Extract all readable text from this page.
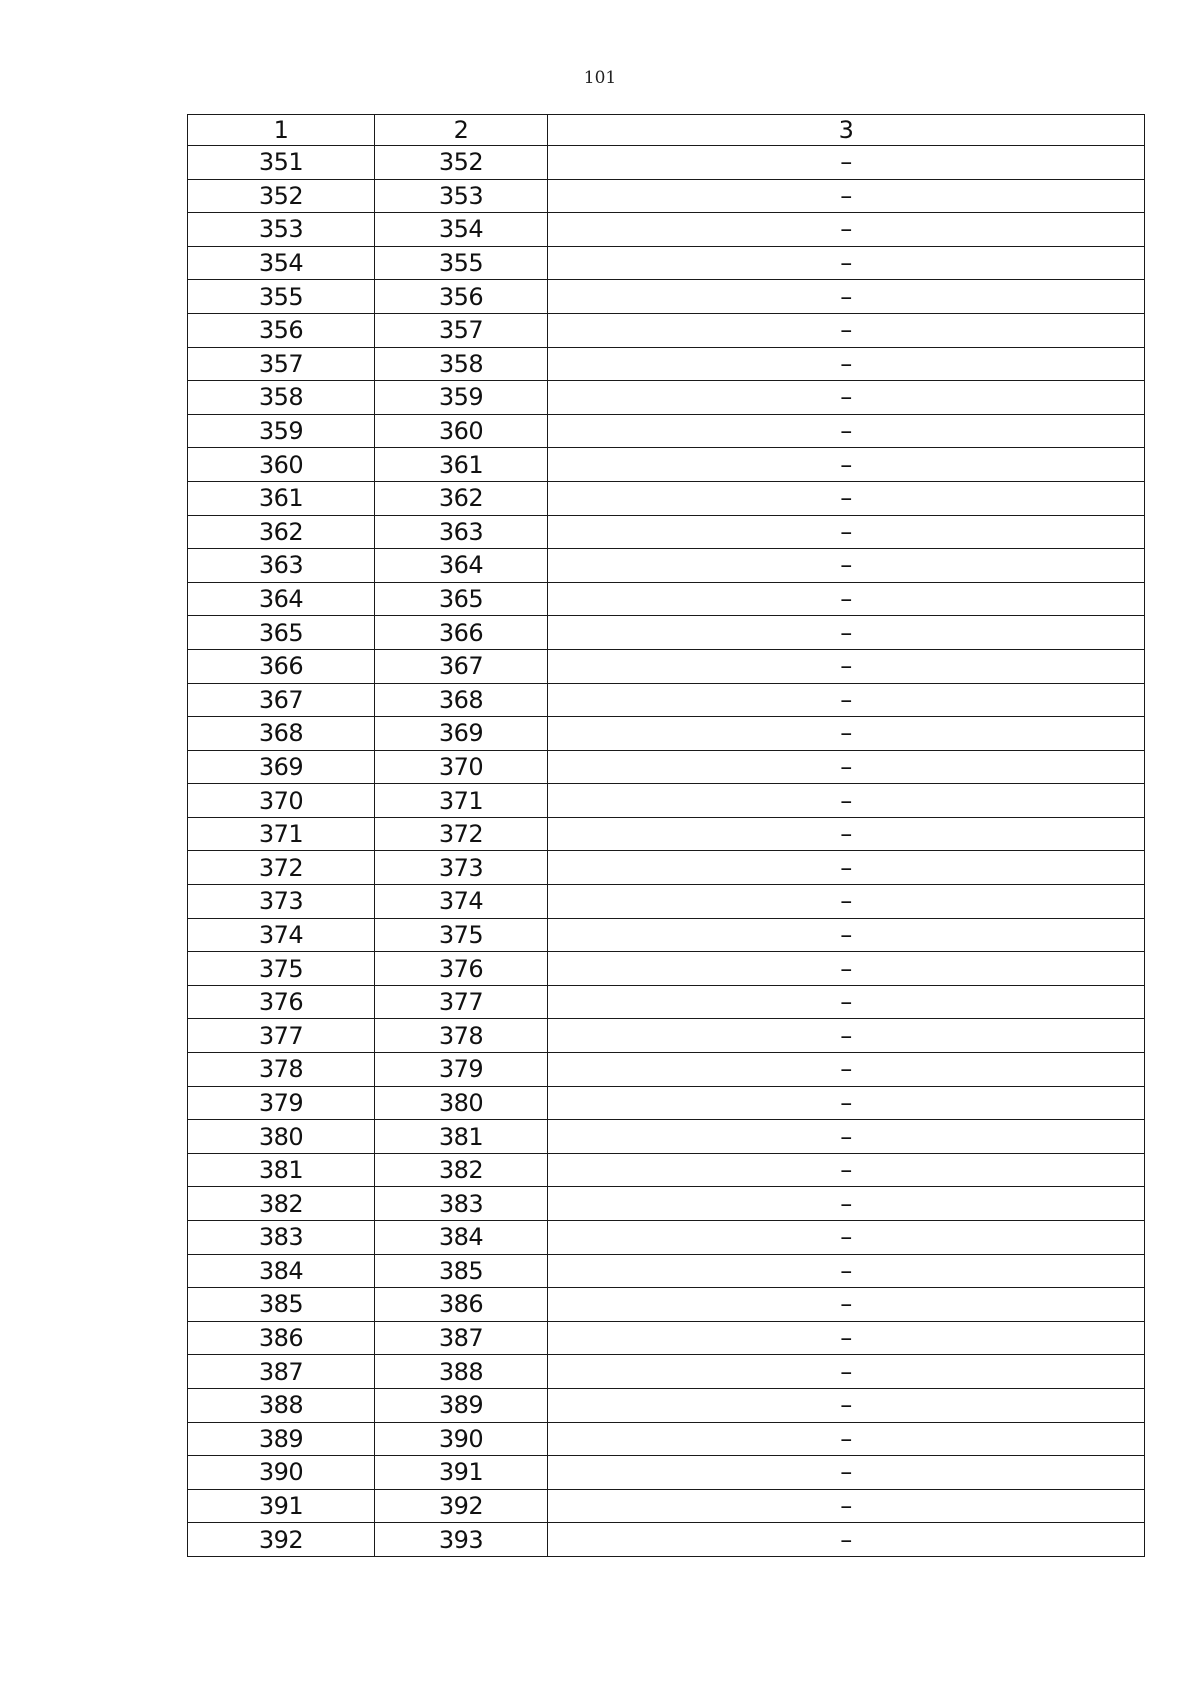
101
1	2	3
351	352	–
352	353	–
353	354	–
354	355	–
355	356	–
356	357	–
357	358	–
358	359	–
359	360	–
360	361	–
361	362	–
362	363	–
363	364	–
364	365	–
365	366	–
366	367	–
367	368	–
368	369	–
369	370	–
370	371	–
371	372	–
372	373	–
373	374	–
374	375	–
375	376	–
376	377	–
377	378	–
378	379	–
379	380	–
380	381	–
381	382	–
382	383	–
383	384	–
384	385	–
385	386	–
386	387	–
387	388	–
388	389	–
389	390	–
390	391	–
391	392	–
392	393	–
